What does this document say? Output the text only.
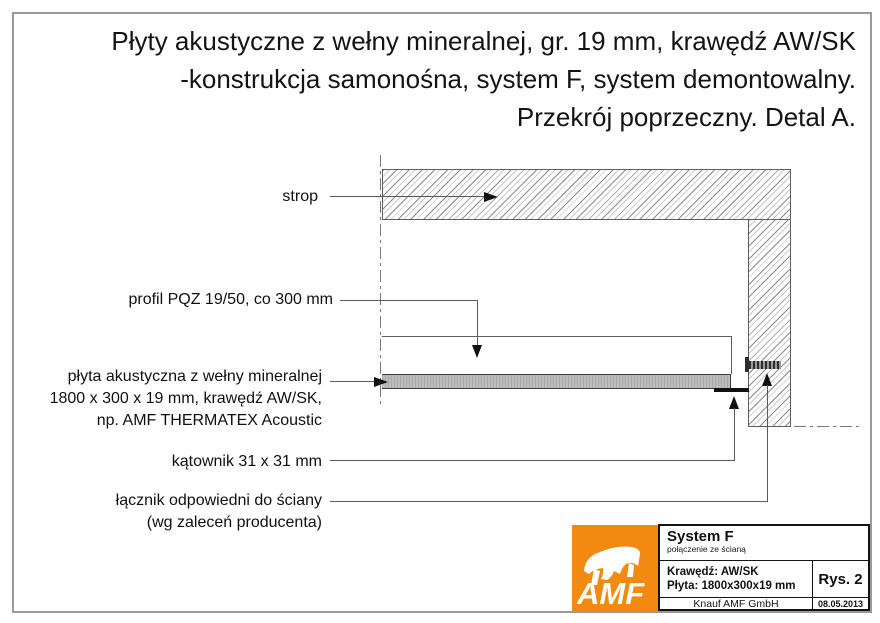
Płyty akustyczne z wełny mineralnej, gr. 19 mm, krawędź AW/SK
-konstrukcja samonośna, system F, system demontowalny.
Przekrój poprzeczny. Detal A.
strop
profil PQZ 19/50, co 300 mm
płyta akustyczna z wełny mineralnej
1800 x 300 x 19 mm, krawędź AW/SK,
np. AMF THERMATEX Acoustic
kątownik 31 x 31 mm
łącznik odpowiedni do ściany
(wg zaleceń producenta)
AMF
System F
połączenie ze ścianą
Krawędź: AW/SK
Płyta: 1800x300x19 mm	Rys. 2
Knauf AMF GmbH	08.05.2013
